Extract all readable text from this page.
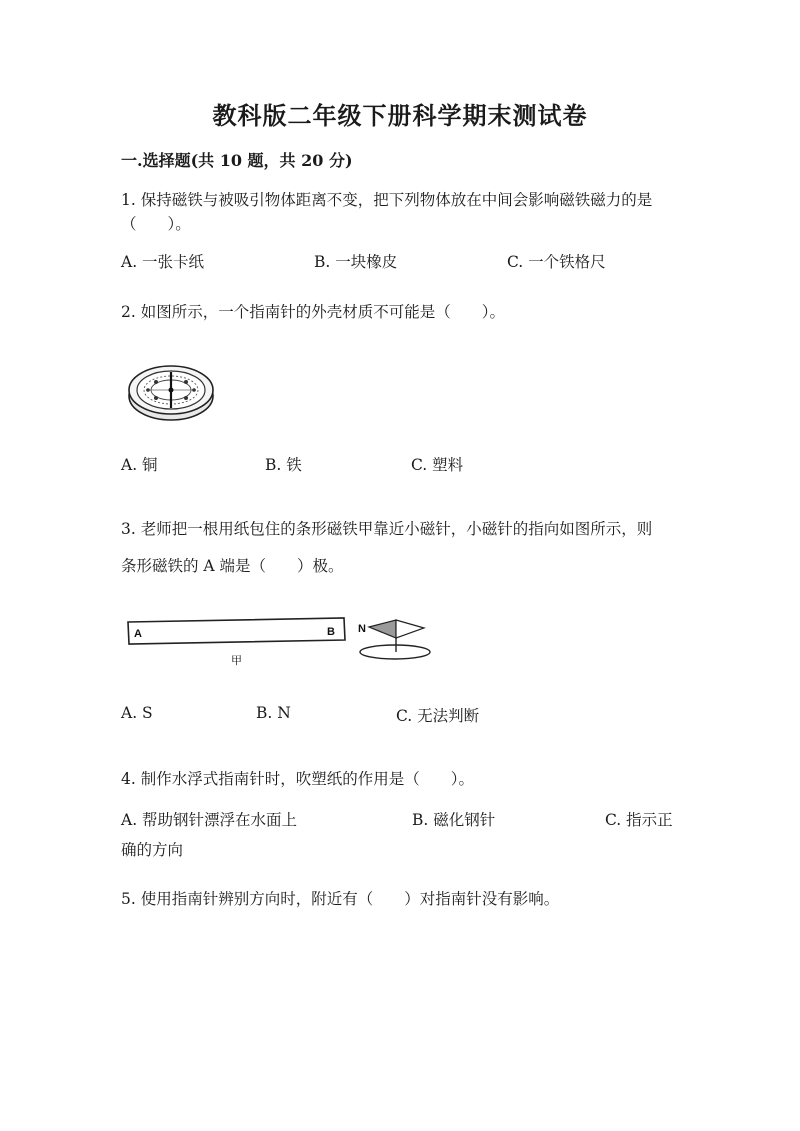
教科版二年级下册科学期末测试卷
一.选择题(共 10 题，共 20 分)
1. 保持磁铁与被吸引物体距离不变，把下列物体放在中间会影响磁铁磁力的是
（　　）。
A. 一张卡纸	B. 一块橡皮	C. 一个铁格尺
2. 如图所示，一个指南针的外壳材质不可能是（　　）。
A. 铜	B. 铁	C. 塑料
3. 老师把一根用纸包住的条形磁铁甲靠近小磁针，小磁针的指向如图所示，则
条形磁铁的 A 端是（　　）极。
A	B
甲
N
A. S	B. N	C. 无法判断
4. 制作水浮式指南针时，吹塑纸的作用是（　　）。
A. 帮助钢针漂浮在水面上	B. 磁化钢针	C. 指示正
确的方向
5. 使用指南针辨别方向时，附近有（　　）对指南针没有影响。
